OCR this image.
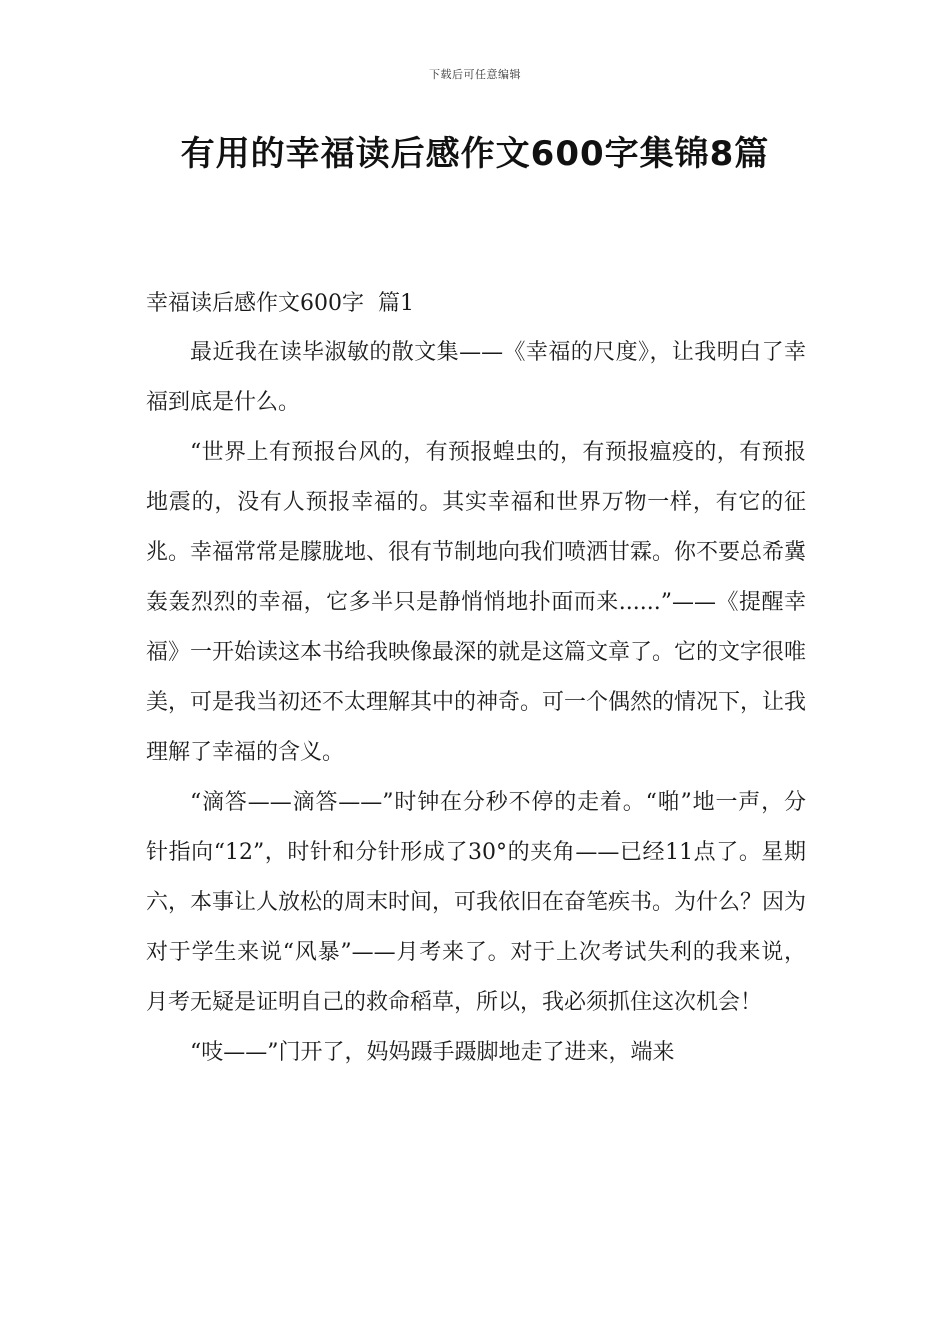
下载后可任意编辑
有用的幸福读后感作文600字集锦8篇

幸福读后感作文600字  篇1

最近我在读毕淑敏的散文集——《幸福的尺度》，让我明白了幸福到底是什么。

“世界上有预报台风的，有预报蝗虫的，有预报瘟疫的，有预报地震的，没有人预报幸福的。其实幸福和世界万物一样，有它的征兆。幸福常常是朦胧地、很有节制地向我们喷洒甘霖。你不要总希冀轰轰烈烈的幸福，它多半只是静悄悄地扑面而来......”——《提醒幸福》一开始读这本书给我映像最深的就是这篇文章了。它的文字很唯美，可是我当初还不太理解其中的神奇。可一个偶然的情况下，让我理解了幸福的含义。

“滴答——滴答——”时钟在分秒不停的走着。“啪”地一声，分针指向“12”，时针和分针形成了30°的夹角——已经11点了。星期六，本事让人放松的周末时间，可我依旧在奋笔疾书。为什么？因为对于学生来说“风暴”——月考来了。对于上次考试失利的我来说，月考无疑是证明自己的救命稻草，所以，我必须抓住这次机会！

“吱——”门开了，妈妈蹑手蹑脚地走了进来，端来
